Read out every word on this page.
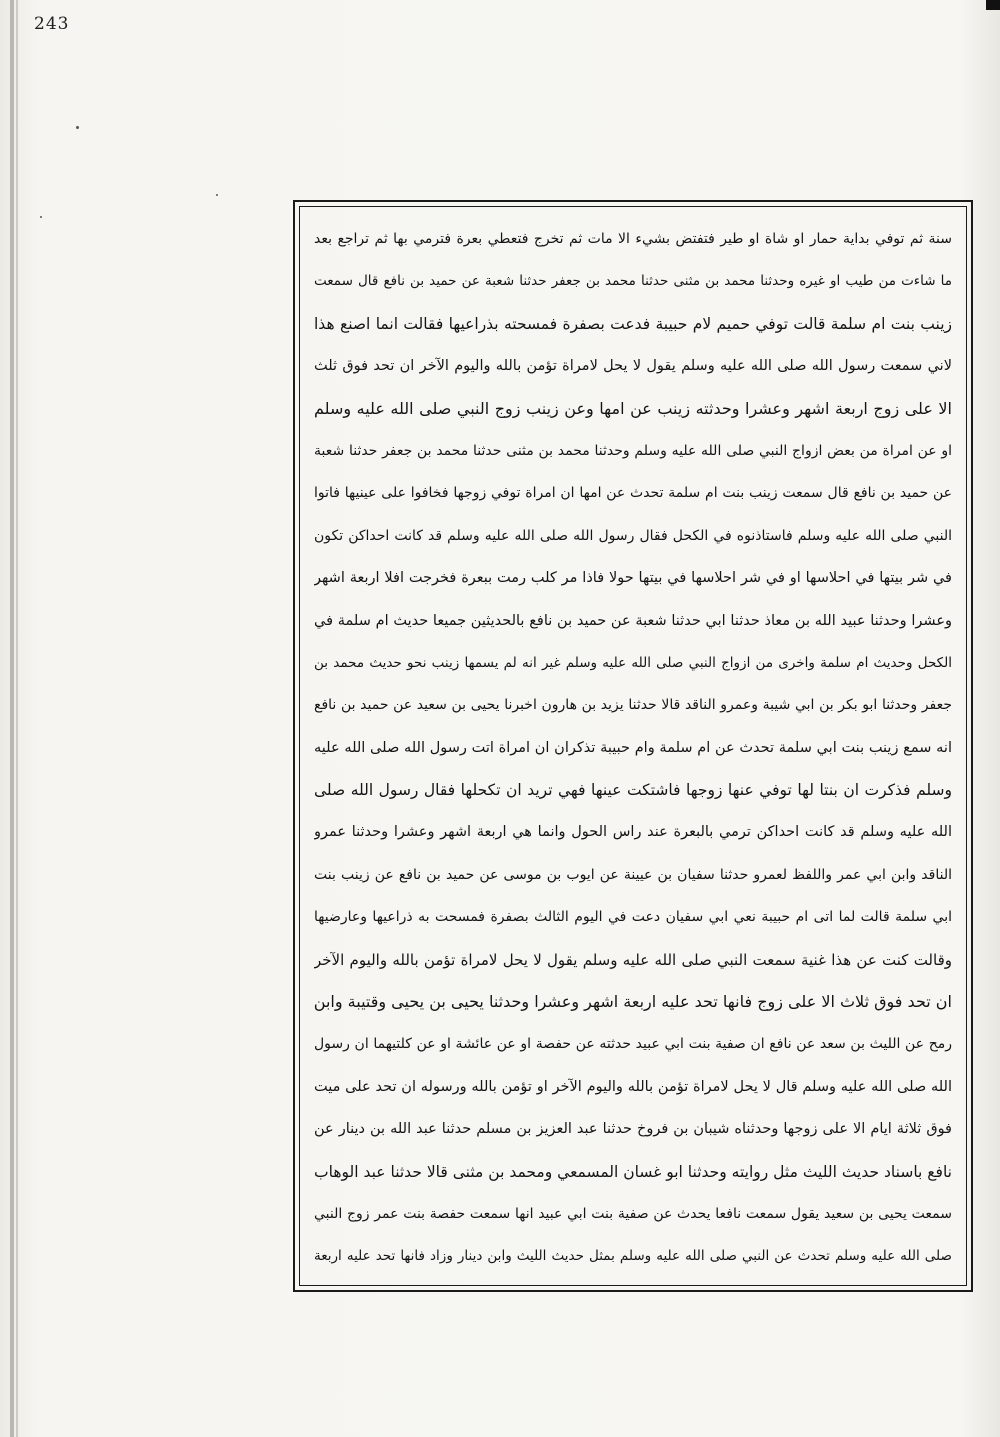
243
سنة ثم توفي بداية حمار او شاة او طير فتفتض بشيء الا مات ثم تخرج فتعطي بعرة فترمي بها ثم تراجع بعد
ما شاءت من طيب او غيره وحدثنا محمد بن مثنى حدثنا محمد بن جعفر حدثنا شعبة عن حميد بن نافع قال سمعت
زينب بنت ام سلمة قالت توفي حميم لام حبيبة فدعت بصفرة فمسحته بذراعيها فقالت انما اصنع هذا
لاني سمعت رسول الله صلى الله عليه وسلم يقول لا يحل لامراة تؤمن بالله واليوم الآخر ان تحد فوق ثلث
الا على زوج اربعة اشهر وعشرا وحدثته زينب عن امها وعن زينب زوج النبي صلى الله عليه وسلم
او عن امراة من بعض ازواج النبي صلى الله عليه وسلم وحدثنا محمد بن مثنى حدثنا محمد بن جعفر حدثنا شعبة
عن حميد بن نافع قال سمعت زينب بنت ام سلمة تحدث عن امها ان امراة توفي زوجها فخافوا على عينيها فاتوا
النبي صلى الله عليه وسلم فاستاذنوه في الكحل فقال رسول الله صلى الله عليه وسلم قد كانت احداكن تكون
في شر بيتها في احلاسها او في شر احلاسها في بيتها حولا فاذا مر كلب رمت ببعرة فخرجت افلا اربعة اشهر
وعشرا وحدثنا عبيد الله بن معاذ حدثنا ابي حدثنا شعبة عن حميد بن نافع بالحديثين جميعا حديث ام سلمة في
الكحل وحديث ام سلمة واخرى من ازواج النبي صلى الله عليه وسلم غير انه لم يسمها زينب نحو حديث محمد بن
جعفر وحدثنا ابو بكر بن ابي شيبة وعمرو الناقد قالا حدثنا يزيد بن هارون اخبرنا يحيى بن سعيد عن حميد بن نافع
انه سمع زينب بنت ابي سلمة تحدث عن ام سلمة وام حبيبة تذكران ان امراة اتت رسول الله صلى الله عليه
وسلم فذكرت ان بنتا لها توفي عنها زوجها فاشتكت عينها فهي تريد ان تكحلها فقال رسول الله صلى
الله عليه وسلم قد كانت احداكن ترمي بالبعرة عند راس الحول وانما هي اربعة اشهر وعشرا وحدثنا عمرو
الناقد وابن ابي عمر واللفظ لعمرو حدثنا سفيان بن عيينة عن ايوب بن موسى عن حميد بن نافع عن زينب بنت
ابي سلمة قالت لما اتى ام حبيبة نعي ابي سفيان دعت في اليوم الثالث بصفرة فمسحت به ذراعيها وعارضيها
وقالت كنت عن هذا غنية سمعت النبي صلى الله عليه وسلم يقول لا يحل لامراة تؤمن بالله واليوم الآخر
ان تحد فوق ثلاث الا على زوج فانها تحد عليه اربعة اشهر وعشرا وحدثنا يحيى بن يحيى وقتيبة وابن
رمح عن الليث بن سعد عن نافع ان صفية بنت ابي عبيد حدثته عن حفصة او عن عائشة او عن كلتيهما ان رسول
الله صلى الله عليه وسلم قال لا يحل لامراة تؤمن بالله واليوم الآخر او تؤمن بالله ورسوله ان تحد على ميت
فوق ثلاثة ايام الا على زوجها وحدثناه شيبان بن فروخ حدثنا عبد العزيز بن مسلم حدثنا عبد الله بن دينار عن
نافع باسناد حديث الليث مثل روايته وحدثنا ابو غسان المسمعي ومحمد بن مثنى قالا حدثنا عبد الوهاب
سمعت يحيى بن سعيد يقول سمعت نافعا يحدث عن صفية بنت ابي عبيد انها سمعت حفصة بنت عمر زوج النبي
صلى الله عليه وسلم تحدث عن النبي صلى الله عليه وسلم بمثل حديث الليث وابن دينار وزاد فانها تحد عليه اربعة
